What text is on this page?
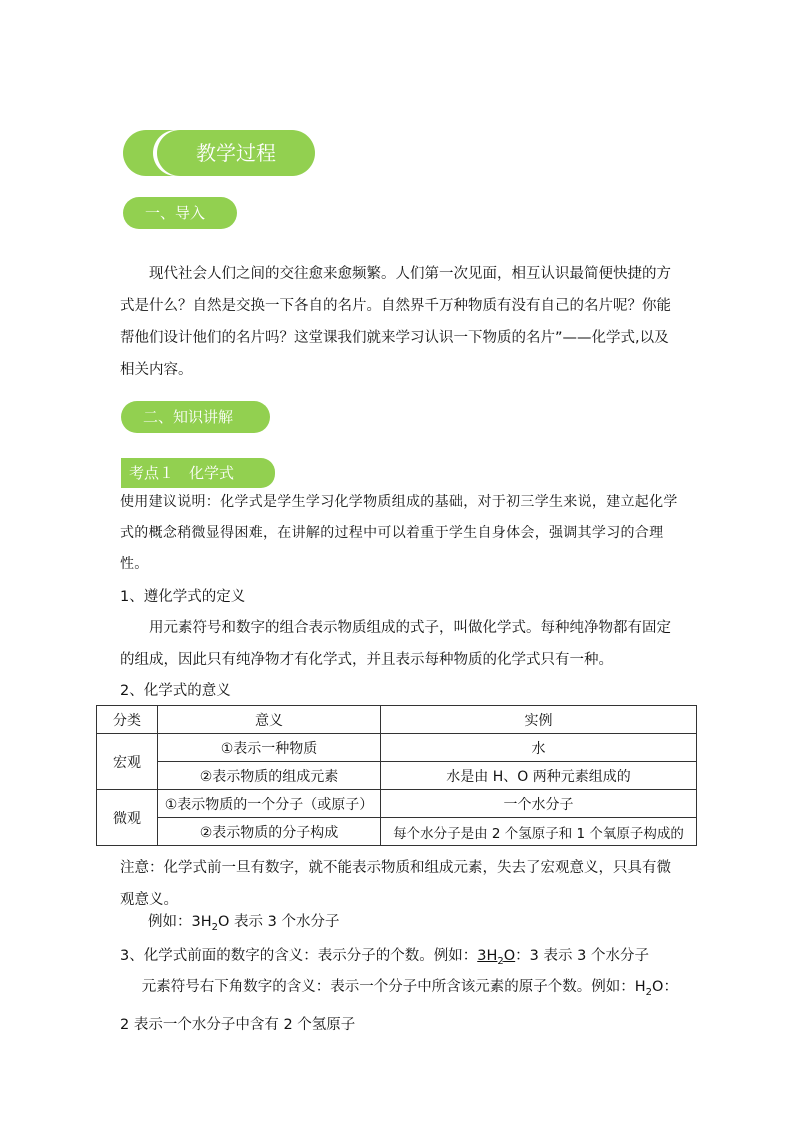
教学过程
一、导入
现代社会人们之间的交往愈来愈频繁。人们第一次见面，相互认识最简便快捷的方式是什么？自然是交换一下各自的名片。自然界千万种物质有没有自己的名片呢？你能帮他们设计他们的名片吗？这堂课我们就来学习认识一下物质的名片”——化学式,以及相关内容。
二、知识讲解
考点１　化学式
使用建议说明：化学式是学生学习化学物质组成的基础，对于初三学生来说，建立起化学式的概念稍微显得困难，在讲解的过程中可以着重于学生自身体会，强调其学习的合理性。
1、遵化学式的定义
用元素符号和数字的组合表示物质组成的式子，叫做化学式。每种纯净物都有固定的组成，因此只有纯净物才有化学式，并且表示每种物质的化学式只有一种。
2、化学式的意义
分类	意义	实例
宏观	①表示一种物质	水
	②表示物质的组成元素	水是由 H、O 两种元素组成的
微观	①表示物质的一个分子（或原子）	一个水分子
	②表示物质的分子构成	每个水分子是由 2 个氢原子和 1 个氧原子构成的
注意：化学式前一旦有数字，就不能表示物质和组成元素，失去了宏观意义，只具有微观意义。
例如：$3H_2O$ 表示 3 个水分子
3、化学式前面的数字的含义：表示分子的个数。例如：$3H_2O$：3 表示 3 个水分子
元素符号右下角数字的含义：表示一个分子中所含该元素的原子个数。例如：$H_2O$：2 表示一个水分子中含有 2 个氢原子
